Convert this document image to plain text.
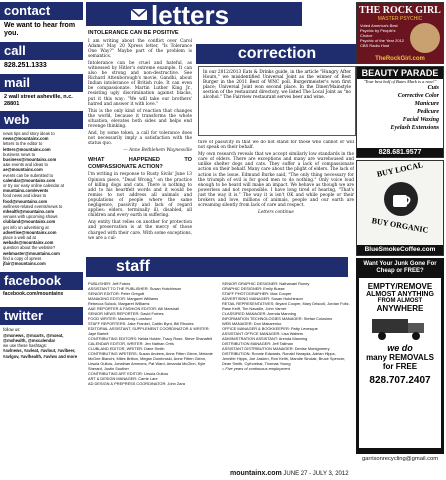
contact
We want to hear from you.
call
828.251.1333
mail
2 wall street asheville, n.c. 28801
web
news tips and story ideas to
news@mountainx.com
letters to the editor to
letters@mountainx.com
business news to
business@mountainx.com
a&e events and ideas to
ae@mountainx.com
events can be submitted to
calendar@mountainx.com
or try our easy online calendar at
mountainx.com/events
food news and ideas to
food@mountainx.com
wellness-related events/news to
mhealth@mountainx.com
venues with upcoming shows
clubland@mountainx.com
get info on advertising at
advertise@mountainx.com
place a web ad at
webads@mountainx.com
question about the website?
webmaster@mountainx.com
find a copy of xpress
jfair@mountainx.com
facebook
facebook.com/mountainx
twitter
follow us:
@mxnews, @mxarts, @mxeat, @mxhealth, @mxcalendar
we use these hashtags:
#avlnews, #avleat, #avlout, #avlbeer, #avlgov, #avlhealth, #avlwx and more
letters
INTOLERANCE CAN BE POSITIVE

I am writing about the conflict over Carol Adams' May 20 Xpress letter, "Is Tolerance One Way?" Maybe part of the problem is semantics.

Intolerance can be cruel and hateful, as witnessed by Hitler's extreme example. It can also be strong and non-destructive. See Richard Attenborough's movie, Gandhi, about Indian intolerance of British rule. It can even be compassionate. Martin Luther King Jr., resisting ugly discrimination against blacks, put it this way: "We will take our brothers' hatred and answer it with love."

This is the only kind of reaction that changes the world, because it transforms the whole situation, elevates both sides and helps end revenge thinking.

And, by some token, a call for tolerance does not necessarily imply a satisfaction with the status quo.

— Anne Bethlehem Waynesville

WHAT HAPPENED TO COMPASSIONATE ACTION?

I'm writing in response to Rusty Sivils' June 13 Opinion piece, "Dead Wrong," on the practice of killing dogs and cats. There is nothing to add to his heartfelt words and it would be remiss to not address all animals and populations of people where the same negligence, passivity and lack of regard applies: elders, terminally ill, disabled, all children and every earth in suffering.

Any entity that relies on another for protection and preservation is at the mercy of those charged with their care. With some exceptions, we are a cul-

correction
In our 2012/2013 Eats & Drinks guide, in the article "Hungry After Hours," we misidentified Universal Joint as the winner of Best Burger in the 2011 Best of WNC poll. Burgermeister's won first place; Universal Joint won second place. In the Diner/Mainstyle section of the restaurant directory, we listed The Local Joint as "no alcohol." The Fairview restaurant serves beer and wine.

ture of passivity in that we do not stand for those who cannot or will not speak on their behalf.

My own research reveals that we accept similarly low standards in the care of elders. There are exceptions and many are warehoused and unlike shelter dogs and cats. They suffer a lack of compassionate action on their behalf. Many care about the plight of elders. The lack of action is the issue. Edmund Burke said, "The only thing necessary for the triumph of evil is for good men to do nothing." Only voice loud enough to be heard will make an impact. We behave as though we are powerless and not responsible. I have long tired of hearing, "That's just the way it is." The way it is isn't OK and while people or their brokers and love, millions of animals, people and our earth are screaming silently from lack of care and respect.

Letters continue

staff
PUBLISHER: Jeff Fobes
ASSISTANT TO THE PUBLISHER: Susan Hutchinson
SENIOR EDITOR: Peter Gregutt
MANAGING EDITOR: Margaret Williams
Rebecca Sulock, Margaret Williams
A&E REPORTER & FASHION EDITOR: Alli Marshall
SENIOR NEWS REPORTER: David Forbes
FOOD WRITER: Mackensy Lunsford
STAFF REPORTERS: Jake Frankel, Caitlin Byrd, Bill Rhodes
EDITORIAL ASSISTANT, SUPPLEMENT COORDINATOR & WRITER: Jaye Bartell
CONTRIBUTING EDITORS: Nelda Holder, Tracy Rose, Steve Shanafelt
CALENDAR EDITOR, WRITER: Jen Nathan Orris
CLUBLAND EDITOR, WRITER: Dane Smith
CONTRIBUTING WRITERS: Susan Andrew, Anne Fitten Glenn, Melanie McGee Bianchi, Miles Britton, Megan Dombroski, Anne Fitten Glenn, Ursula Gullow, Jonathan Ammons, Pat Ward, Amanda McGinn, Kyle Sherard, Justin Souther
CONTRIBUTING ART EDITOR: Ursula Gullow
ART & DESIGN MANAGER: Carrie Lare
AD DESIGN & PREPRESS COORDINATOR: John Zara
SENIOR GRAPHIC DESIGNER: Nathanael Roney
GRAPHIC DESIGNER: Emily Busse
STAFF PHOTOGRAPHER: Max Cooper
ADVERTISING MANAGER: Susan Hutchinson
RETAIL REPRESENTATIVES: Bryant Cooper, Mary Driscoll, Jordan Foltz, Rase Kelff, Tim Navaille, John Varner
CLASSIFIED MANAGER: Arenda Manning
INFORMATION TECHNOLOGIES MANAGER: Stefan Colosimo
WEB MANAGER: Don Makarenko
OFFICE MANAGER & BOOKKEEPER: Patty Levesque
ASSISTANT OFFICE MANAGER: Lisa Watters
ADMINISTRATION ASSISTANT: Arenda Manning
DISTRIBUTION MANAGER: Jeff Tallman
ASSISTANT DISTRIBUTION MANAGER: Denise Montgomery
DISTRIBUTION: Ronnie Edwards, Ronald Harayda, Adrian Hipps, Jennifer Hipps, Joe Jasken, Ron Keith, Mandie Sinclair, Bruce Spencer, Dean Smith, Cyfrcrebar, Thomas Young
= Five years of continuous employment
THE ROCK GIRL
MASTER PSYCHIC
Voted America's Best Psychic by People's Choice
Psychic of the Year 2012
CBS Radio Host
TheRockGirl.com
BEAUTY PARADE
"Your best half of Bates Mark is a now!"
Cuts
Corrective Color
Manicure
Pedicure
Facial Waxing
Eyelash Extensions
828.681.9577
BUY LOCAL
BUY ORGANIC
BlueSmokeCoffee.com
Want Your Junk Gone For Cheap or FREE?
EMPTY/REMOVE
ALMOST ANYTHING
FROM ALMOST
ANYWHERE
we do
many REMOVALS
for FREE
828.707.2407
garrisonrecycling@gmail.com
mountainx.com JUNE 27 - JULY 3, 2012
